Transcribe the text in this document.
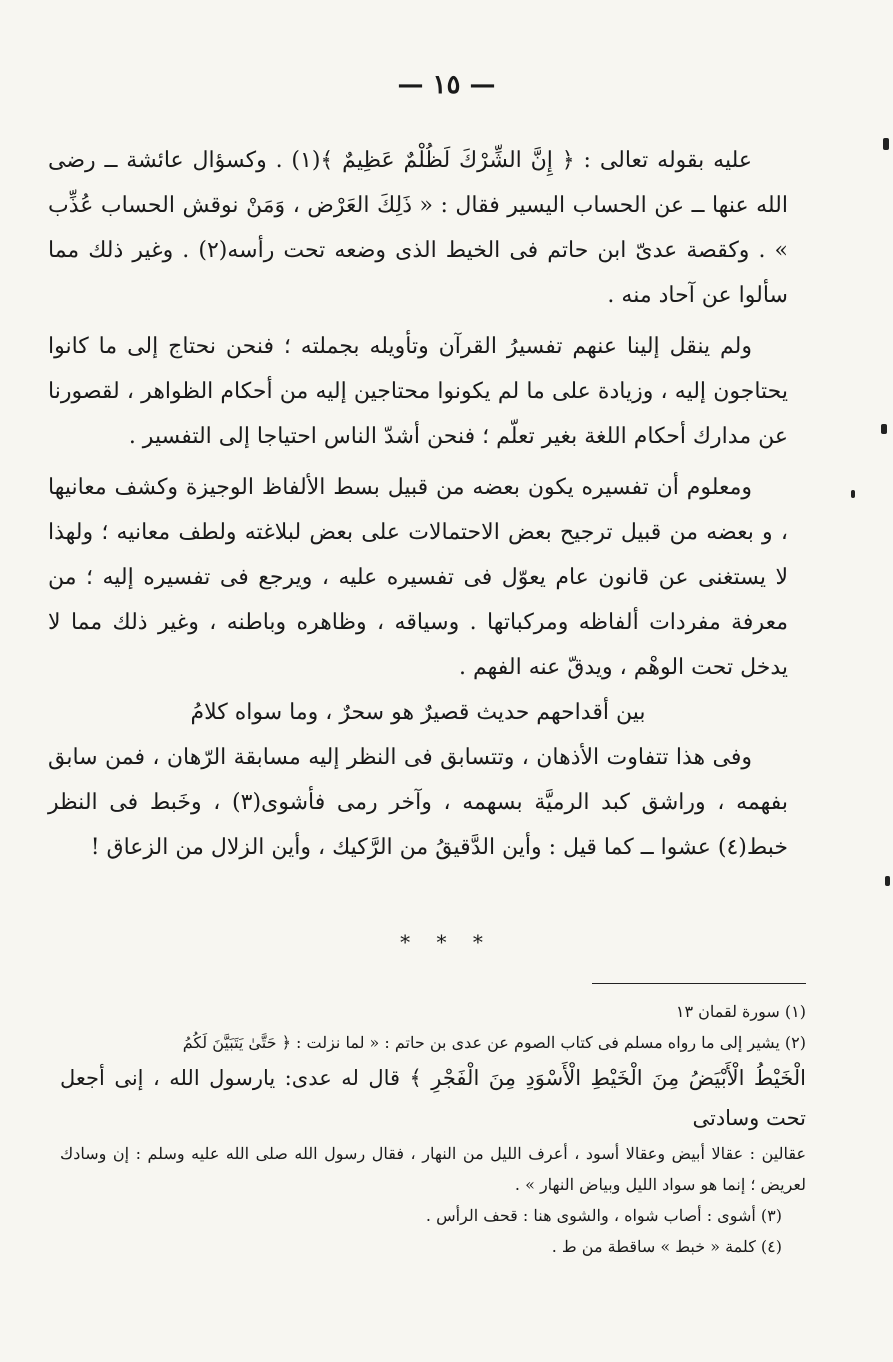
— ١٥ —

عليه بقوله تعالى : ﴿ إِنَّ الشِّرْكَ لَظُلْمٌ عَظِيمٌ ﴾(١) . وكسؤال عائشة ــ رضى الله عنها ــ عن الحساب اليسير فقال : « ذَلِكَ العَرْض ، وَمَنْ نوقش الحساب عُذِّب » . وكقصة عدىّ ابن حاتم فى الخيط الذى وضعه تحت رأسه(٢) . وغير ذلك مما سألوا عن آحاد منه .

ولم ينقل إلينا عنهم تفسيرُ القرآن وتأويله بجملته ؛ فنحن نحتاج إلى ما كانوا يحتاجون إليه ، وزيادة على ما لم يكونوا محتاجين إليه من أحكام الظواهر ، لقصورنا عن مدارك أحكام اللغة بغير تعلّم ؛ فنحن أشدّ الناس احتياجا إلى التفسير .

ومعلوم أن تفسيره يكون بعضه من قبيل بسط الألفاظ الوجيزة وكشف معانيها ، و بعضه من قبيل ترجيح بعض الاحتمالات على بعض لبلاغته ولطف معانيه ؛ ولهذا لا يستغنى عن قانون عام يعوّل فى تفسيره عليه ، ويرجع فى تفسيره إليه ؛ من معرفة مفردات ألفاظه ومركباتها . وسياقه ، وظاهره وباطنه ، وغير ذلك مما لا يدخل تحت الوهْم ، ويدقّ عنه الفهم .

بين أقداحهم حديث قصيرٌ هو سحرٌ ، وما سواه كلامُ

وفى هذا تتفاوت الأذهان ، وتتسابق فى النظر إليه مسابقة الرّهان ، فمن سابق بفهمه ، وراشق كبد الرميَّة بسهمه ، وآخر رمى فأشوى(٣) ، وخَبط فى النظر خبط(٤) عشوا ــ كما قيل : وأين الدَّقيقُ من الرَّكيك ، وأين الزلال من الزعاق !

* * *

(١) سورة لقمان ١٣

(٢) يشير إلى ما رواه مسلم فى كتاب الصوم عن عدى بن حاتم : « لما نزلت : ﴿ حَتَّىٰ يَتَبَيَّنَ لَكُمُ

الْخَيْطُ الْأَبْيَضُ مِنَ الْخَيْطِ الْأَسْوَدِ مِنَ الْفَجْرِ ﴾ قال له عدى: يارسول الله ، إنى أجعل تحت وسادتى

عقالين : عقالا أبيض وعقالا أسود ، أعرف الليل من النهار ، فقال رسول الله صلى الله عليه وسلم : إن وسادك لعريض ؛ إنما هو سواد الليل وبياض النهار » .

(٣) أشوى : أصاب شواه ، والشوى هنا : قحف الرأس .

(٤) كلمة « خبط » ساقطة من ط .
